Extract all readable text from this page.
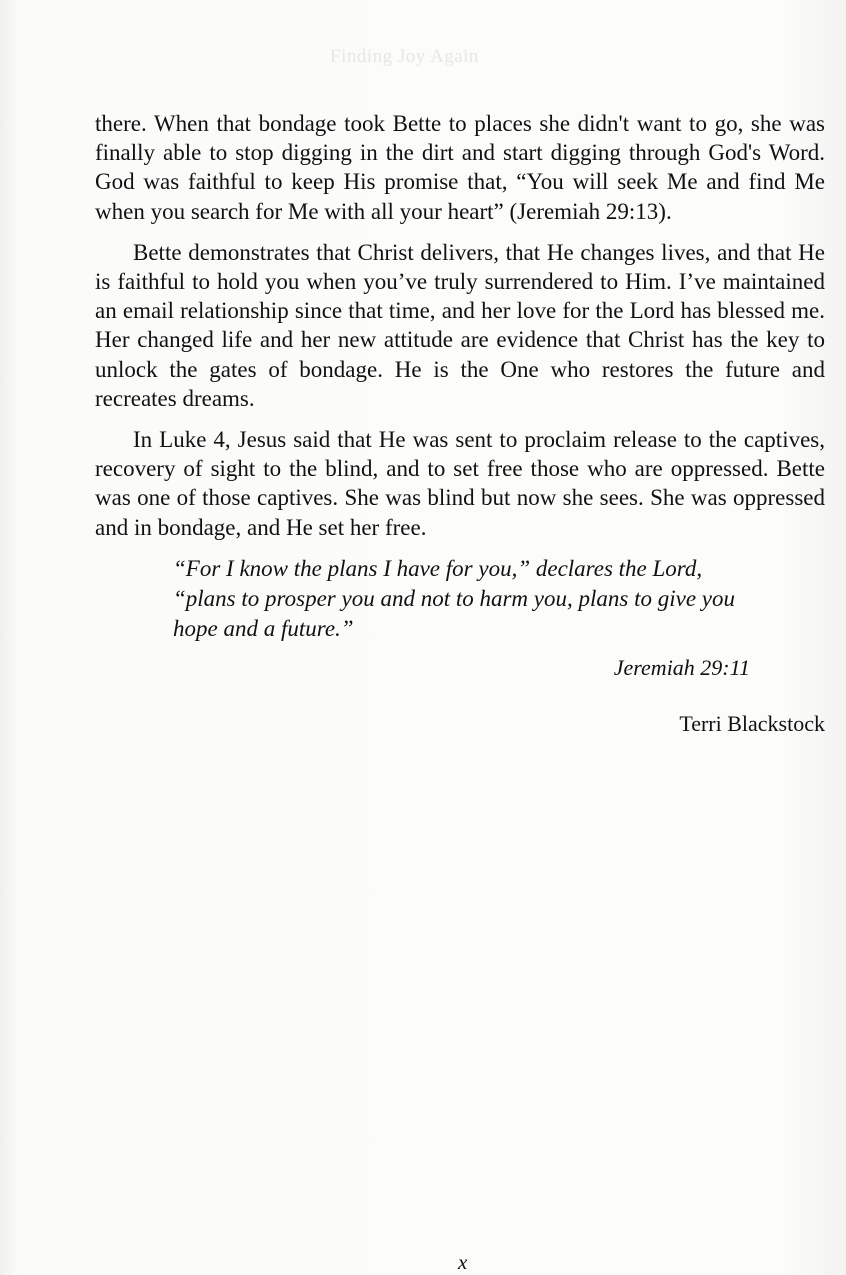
Finding Joy Again

there. When that bondage took Bette to places she didn't want to go, she was finally able to stop digging in the dirt and start digging through God's Word. God was faithful to keep His promise that, “You will seek Me and find Me when you search for Me with all your heart” (Jeremiah 29:13).

Bette demonstrates that Christ delivers, that He changes lives, and that He is faithful to hold you when you’ve truly surrendered to Him. I’ve maintained an email relationship since that time, and her love for the Lord has blessed me. Her changed life and her new attitude are evidence that Christ has the key to unlock the gates of bondage. He is the One who restores the future and recreates dreams.

In Luke 4, Jesus said that He was sent to proclaim release to the captives, recovery of sight to the blind, and to set free those who are oppressed. Bette was one of those captives. She was blind but now she sees. She was oppressed and in bondage, and He set her free.

“For I know the plans I have for you,” declares the Lord, “plans to prosper you and not to harm you, plans to give you hope and a future.”
Jeremiah 29:11
Terri Blackstock
x
